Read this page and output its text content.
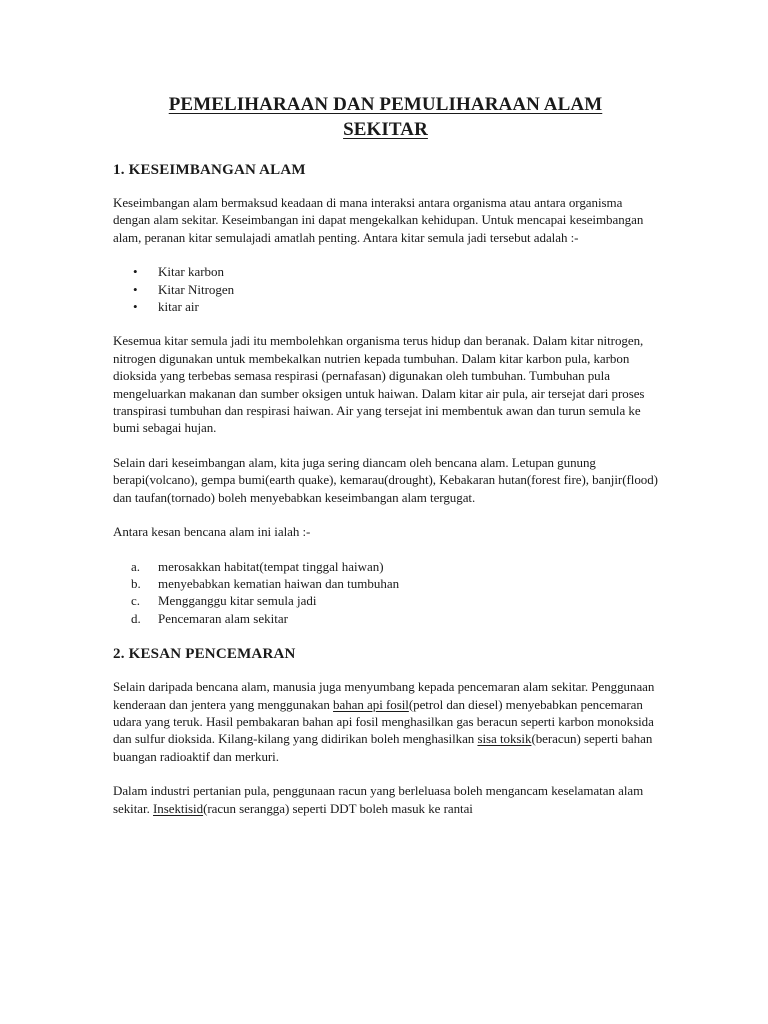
PEMELIHARAAN DAN PEMULIHARAAN ALAM
SEKITAR
1. KESEIMBANGAN ALAM

Keseimbangan alam bermaksud keadaan di mana interaksi antara organisma atau antara organisma dengan alam sekitar. Keseimbangan ini dapat mengekalkan kehidupan. Untuk mencapai keseimbangan alam, peranan kitar semulajadi amatlah penting. Antara kitar semula jadi tersebut adalah :-

• Kitar karbon
• Kitar Nitrogen
• kitar air

Kesemua kitar semula jadi itu membolehkan organisma terus hidup dan beranak. Dalam kitar nitrogen, nitrogen digunakan untuk membekalkan nutrien kepada tumbuhan. Dalam kitar karbon pula, karbon dioksida yang terbebas semasa respirasi (pernafasan) digunakan oleh tumbuhan. Tumbuhan pula mengeluarkan makanan dan sumber oksigen untuk haiwan. Dalam kitar air pula, air tersejat dari proses transpirasi tumbuhan dan respirasi haiwan. Air yang tersejat ini membentuk awan dan turun semula ke bumi sebagai hujan.

Selain dari keseimbangan alam, kita juga sering diancam oleh bencana alam. Letupan gunung berapi(volcano), gempa bumi(earth quake), kemarau(drought), Kebakaran hutan(forest fire), banjir(flood) dan taufan(tornado) boleh menyebabkan keseimbangan alam tergugat.

Antara kesan bencana alam ini ialah :-

a. merosakkan habitat(tempat tinggal haiwan)
b. menyebabkan kematian haiwan dan tumbuhan
c. Mengganggu kitar semula jadi
d. Pencemaran alam sekitar
2. KESAN PENCEMARAN

Selain daripada bencana alam, manusia juga menyumbang kepada pencemaran alam sekitar. Penggunaan kenderaan dan jentera yang menggunakan bahan api fosil(petrol dan diesel) menyebabkan pencemaran udara yang teruk. Hasil pembakaran bahan api fosil menghasilkan gas beracun seperti karbon monoksida dan sulfur dioksida. Kilang-kilang yang didirikan boleh menghasilkan sisa toksik(beracun) seperti bahan buangan radioaktif dan merkuri.

Dalam industri pertanian pula, penggunaan racun yang berleluasa boleh mengancam keselamatan alam sekitar. Insektisid(racun serangga) seperti DDT boleh masuk ke rantai
